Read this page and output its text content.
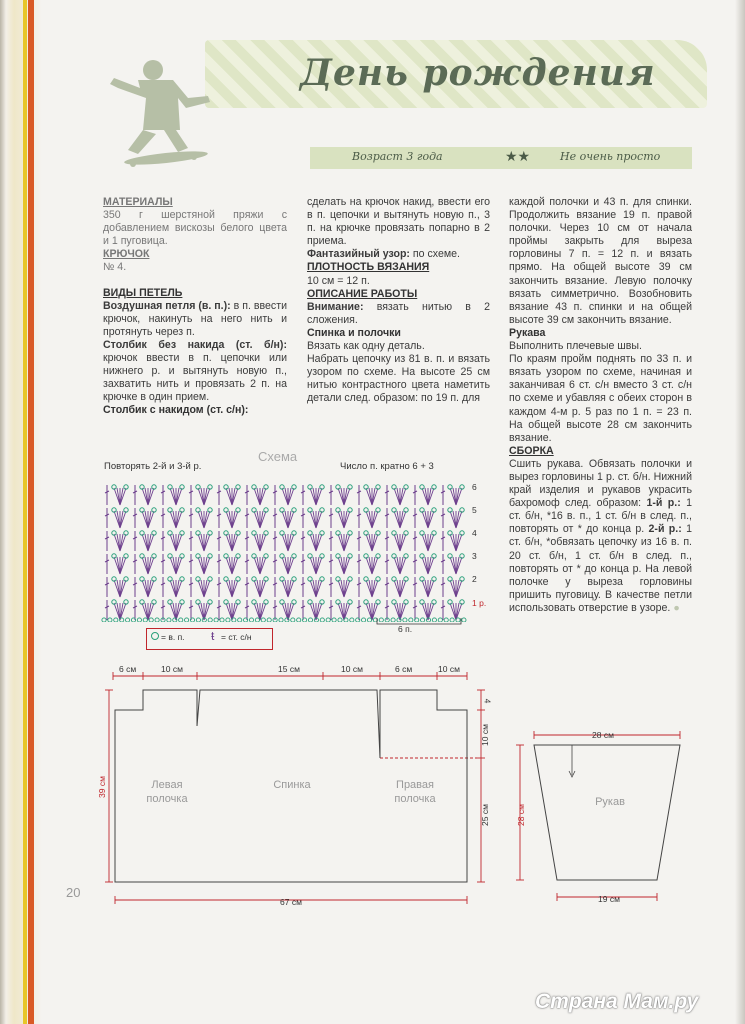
День рождения
Возраст 3 года	★★	Не очень просто

МАТЕРИАЛЫ

350 г шерстяной пряжи с добавлением вискозы белого цвета и 1 пуговица.

КРЮЧОК

№ 4.

ВИДЫ ПЕТЕЛЬ

Воздушная петля (в. п.): в п. ввести крючок, накинуть на него нить и протянуть через п.

Столбик без накида (ст. б/н): крючок ввести в п. цепочки или нижнего р. и вытянуть новую п., захватить нить и провязать 2 п. на крючке в один прием.

Столбик с накидом (ст. с/н):

сделать на крючок накид, ввести его в п. цепочки и вытянуть новую п., 3 п. на крючке провязать попарно в 2 приема.

Фантазийный узор: по схеме.

ПЛОТНОСТЬ ВЯЗАНИЯ

10 см = 12 п.

ОПИСАНИЕ РАБОТЫ

Внимание: вязать нитью в 2 сложения.

Спинка и полочки

Вязать как одну деталь.

Набрать цепочку из 81 в. п. и вязать узором по схеме. На высоте 25 см нитью контрастного цвета наметить детали след. образом: по 19 п. для

каждой полочки и 43 п. для спинки. Продолжить вязание 19 п. правой полочки. Через 10 см от начала проймы закрыть для выреза горловины 7 п. = 12 п. и вязать прямо. На общей высоте 39 см закончить вязание. Левую полочку вязать симметрично. Возобновить вязание 43 п. спинки и на общей высоте 39 см закончить вязание.

Рукава

Выполнить плечевые швы.

По краям пройм поднять по 33 п. и вязать узором по схеме, начиная и заканчивая 6 ст. с/н вместо 3 ст. с/н по схеме и убавляя с обеих сторон в каждом 4-м р. 5 раз по 1 п. = 23 п. На общей высоте 28 см закончить вязание.

СБОРКА

Сшить рукава. Обвязать полочки и вырез горловины 1 р. ст. б/н. Нижний край изделия и рукавов украсить бахромоф след. образом: 1-й р.: 1 ст. б/н, *16 в. п., 1 ст. б/н в след. п., повторять от * до конца р. 2-й р.: 1 ст. б/н, *обвязать цепочку из 16 в. п. 20 ст. б/н, 1 ст. б/н в след. п., повторять от * до конца р. На левой полочке у выреза горловины пришить пуговицу. В качестве петли использовать отверстие в узоре. ●

Повторять 2-й и 3-й р.
Схема
Число п. кратно 6 + 3
6
5
4
3
2
1 р.
6 п.
= в. п. ŧ = ст. с/н
6 см	10 см	15 см	10 см	6 см	10 см
4
10 см
25 см
39 см
67 см
Левая полочка
Спинка	Правая полочка
28 см
28 см
19 см
Рукав
20
Страна Мам.ру
